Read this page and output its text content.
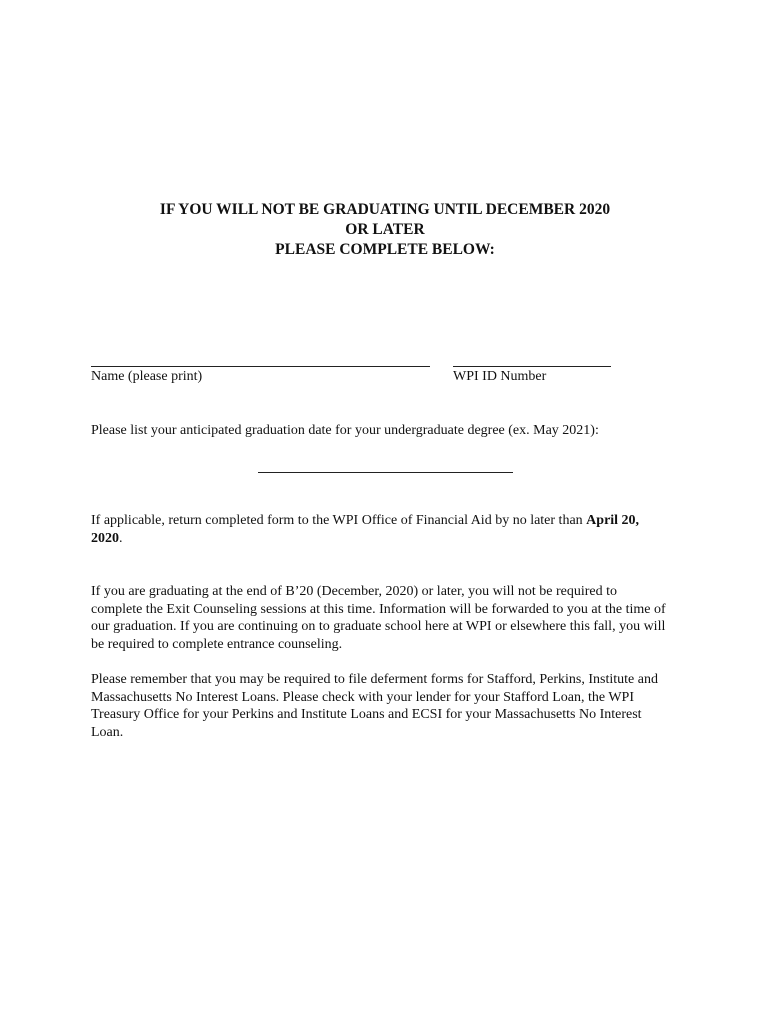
IF YOU WILL NOT BE GRADUATING UNTIL DECEMBER 2020
OR LATER
PLEASE COMPLETE BELOW:
Name (please print)	WPI ID Number
Please list your anticipated graduation date for your undergraduate degree (ex. May 2021):
If applicable, return completed form to the WPI Office of Financial Aid by no later than April 20, 2020.
If you are graduating at the end of B’20 (December, 2020) or later, you will not be required to complete the Exit Counseling sessions at this time. Information will be forwarded to you at the time of our graduation. If you are continuing on to graduate school here at WPI or elsewhere this fall, you will be required to complete entrance counseling.
Please remember that you may be required to file deferment forms for Stafford, Perkins, Institute and Massachusetts No Interest Loans. Please check with your lender for your Stafford Loan, the WPI Treasury Office for your Perkins and Institute Loans and ECSI for your Massachusetts No Interest Loan.
